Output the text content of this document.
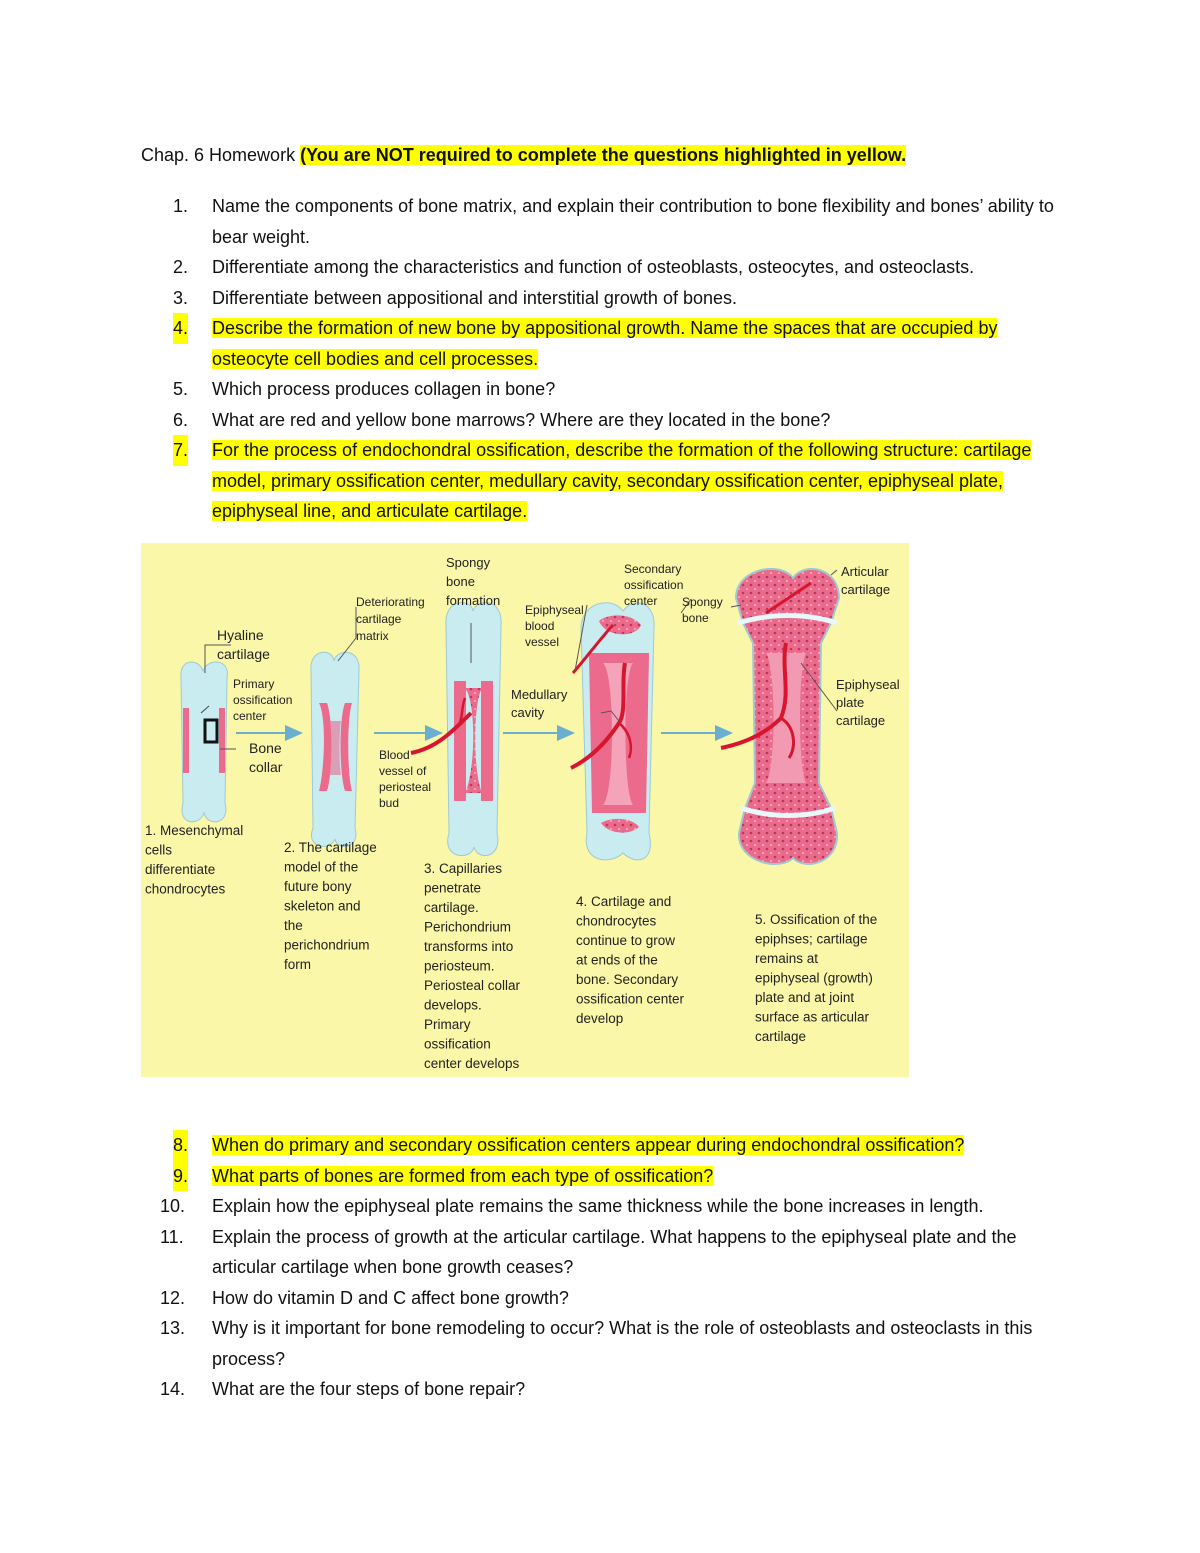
Chap. 6 Homework (You are NOT required to complete the questions highlighted in yellow.
1. Name the components of bone matrix, and explain their contribution to bone flexibility and bones’ ability to bear weight.
2. Differentiate among the characteristics and function of osteoblasts, osteocytes, and osteoclasts.
3. Differentiate between appositional and interstitial growth of bones.
4. Describe the formation of new bone by appositional growth. Name the spaces that are occupied by osteocyte cell bodies and cell processes.
5. Which process produces collagen in bone?
6. What are red and yellow bone marrows? Where are they located in the bone?
7. For the process of endochondral ossification, describe the formation of the following structure: cartilage model, primary ossification center, medullary cavity, secondary ossification center, epiphyseal plate, epiphyseal line, and articulate cartilage.
Hyaline cartilage
Primary ossification center
Bone collar
Deteriorating cartilage matrix
Spongy bone formation
Blood vessel of periosteal bud
Epiphyseal blood vessel
Medullary cavity
Secondary ossification center	Spongy bone
Articular cartilage
Epiphyseal plate cartilage
1. Mesenchymal cells differentiate chondrocytes
2. The cartilage model of the future bony skeleton and the perichondrium form
3. Capillaries penetrate cartilage. Perichondrium transforms into periosteum. Periosteal collar develops. Primary ossification center develops
4. Cartilage and chondrocytes continue to grow at ends of the bone. Secondary ossification center develop
5. Ossification of the epiphses; cartilage remains at epiphyseal (growth) plate and at joint surface as articular cartilage
8. When do primary and secondary ossification centers appear during endochondral ossification?
9. What parts of bones are formed from each type of ossification?
10. Explain how the epiphyseal plate remains the same thickness while the bone increases in length.
11. Explain the process of growth at the articular cartilage. What happens to the epiphyseal plate and the articular cartilage when bone growth ceases?
12. How do vitamin D and C affect bone growth?
13. Why is it important for bone remodeling to occur? What is the role of osteoblasts and osteoclasts in this process?
14. What are the four steps of bone repair?
